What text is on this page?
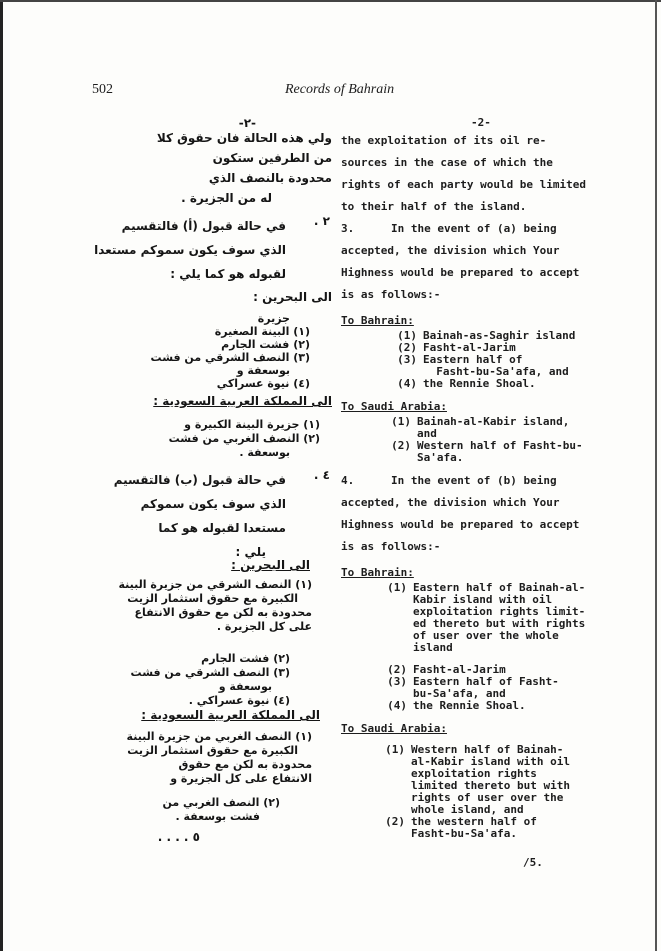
502	Records of Bahrain
-٢-
ولي هذه الحالة فان حقوق كلا
من الطرفين ستكون
محدودة بالنصف الذي
له من الجزيرة .
٢ .
في حالة قبول (أ) فالتقسيم
الذي سوف يكون سموكم مستعدا
لقبوله هو كما يلي :
الى البحرين :
جزيرة
(١) البينة الصغيرة
(٢) فشت الجارم
(٣) النصف الشرقي من فشت
بوسعفة و
(٤) نيوة عسراكي
الى المملكة العربية السعودية :
(١) جزيرة البينة الكبيرة و
(٢) النصف الغربي من فشت
بوسعفة .
٤ .
في حالة قبول (ب) فالتقسيم
الذي سوف يكون سموكم
مستعدا لقبوله هو كما
يلي :
الى البحرين :
(١) النصف الشرقي من جزيرة البينة
الكبيرة مع حقوق استثمار الزيت
محدودة به لكن مع حقوق الانتفاع
على كل الجزيرة .
(٢) فشت الجارم
(٣) النصف الشرقي من فشت
بوسعفة و
(٤) نيوة عسراكي .
الى المملكة العربية السعودية :
(١) النصف الغربي من جزيرة البينة
الكبيرة مع حقوق استثمار الزيت
محدودة به لكن مع حقوق
الانتفاع على كل الجزيرة و
(٢) النصف الغربي من
فشت بوسعفة .
٥ . . . .
-2-
the exploitation of its oil re-
sources in the case of which the
rights of each party would be limited
to their half of the island.
3.	In the event of (a) being
accepted, the division which Your
Highness would be prepared to accept
is as follows:-
To Bahrain:
(1) Bainah-as-Saghir island
(2) Fasht-al-Jarim
(3) Eastern half of
Fasht-bu-Sa'afa, and
(4) the Rennie Shoal.
To Saudi Arabia:
(1) Bainah-al-Kabir island,
and
(2) Western half of Fasht-bu-
Sa'afa.
4.	In the event of (b) being
accepted, the division which Your
Highness would be prepared to accept
is as follows:-
To Bahrain:
(1) Eastern half of Bainah-al-
Kabir island with oil
exploitation rights limit-
ed thereto but with rights
of user over the whole
island
(2) Fasht-al-Jarim
(3) Eastern half of Fasht-
bu-Sa'afa, and
(4) the Rennie Shoal.
To Saudi Arabia:
(1) Western half of Bainah-
al-Kabir island with oil
exploitation rights
limited thereto but with
rights of user over the
whole island, and
(2) the western half of
Fasht-bu-Sa'afa.
/5.
